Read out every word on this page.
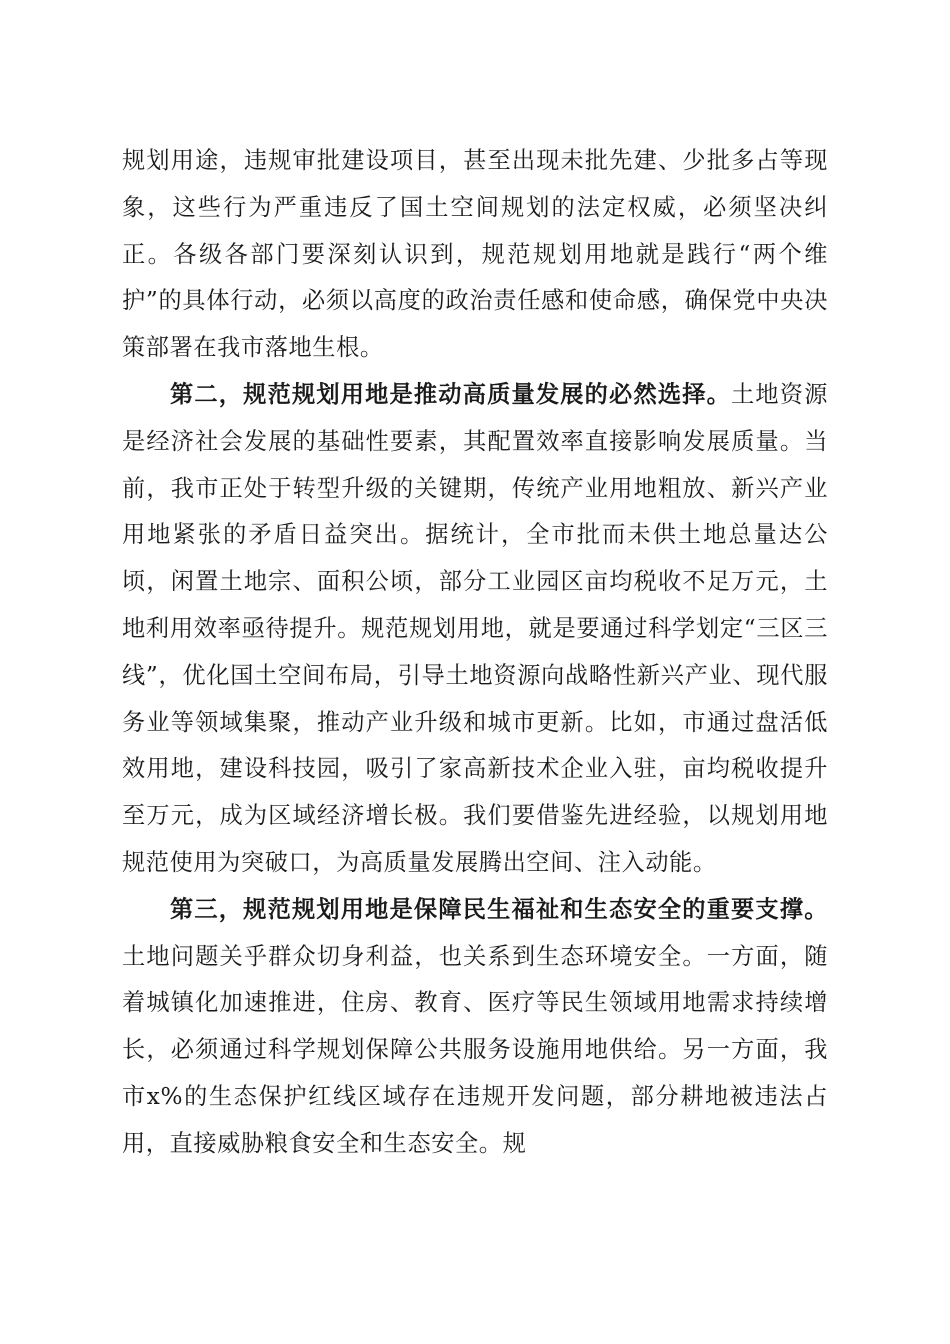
规划用途，违规审批建设项目，甚至出现未批先建、少批多占等现象，这些行为严重违反了国土空间规划的法定权威，必须坚决纠正。各级各部门要深刻认识到，规范规划用地就是践行“两个维护”的具体行动，必须以高度的政治责任感和使命感，确保党中央决策部署在我市落地生根。

第二，规范规划用地是推动高质量发展的必然选择。土地资源是经济社会发展的基础性要素，其配置效率直接影响发展质量。当前，我市正处于转型升级的关键期，传统产业用地粗放、新兴产业用地紧张的矛盾日益突出。据统计，全市批而未供土地总量达公顷，闲置土地宗、面积公顷，部分工业园区亩均税收不足万元，土地利用效率亟待提升。规范规划用地，就是要通过科学划定“三区三线”，优化国土空间布局，引导土地资源向战略性新兴产业、现代服务业等领域集聚，推动产业升级和城市更新。比如，市通过盘活低效用地，建设科技园，吸引了家高新技术企业入驻，亩均税收提升至万元，成为区域经济增长极。我们要借鉴先进经验，以规划用地规范使用为突破口，为高质量发展腾出空间、注入动能。

第三，规范规划用地是保障民生福祉和生态安全的重要支撑。土地问题关乎群众切身利益，也关系到生态环境安全。一方面，随着城镇化加速推进，住房、教育、医疗等民生领域用地需求持续增长，必须通过科学规划保障公共服务设施用地供给。另一方面，我市x%的生态保护红线区域存在违规开发问题，部分耕地被违法占用，直接威胁粮食安全和生态安全。规
